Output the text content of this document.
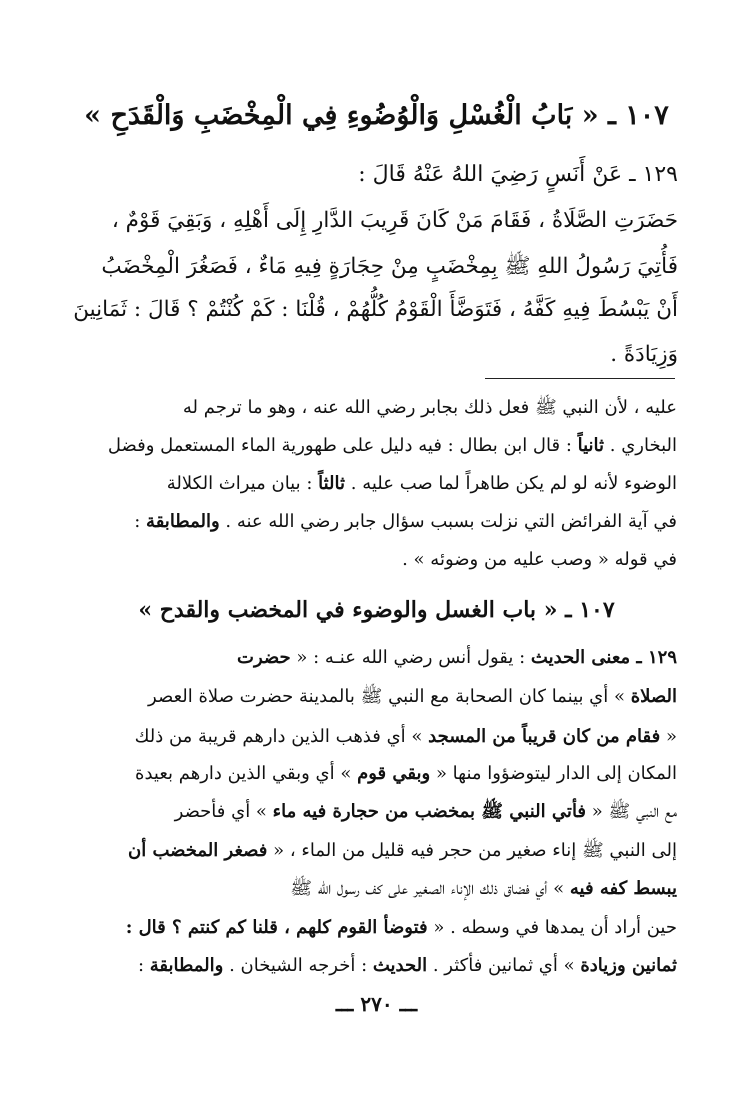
١٠٧ ـ « بَابُ الْغُسْلِ وَالْوُضُوءِ فِي الْمِخْضَبِ وَالْقَدَحِ »
١٢٩ ـ عَنْ أَنَسٍ رَضِيَ اللهُ عَنْهُ قَالَ :
حَضَرَتِ الصَّلَاةُ ، فَقَامَ مَنْ كَانَ قَرِيبَ الدَّارِ إِلَى أَهْلِهِ ، وَبَقِيَ قَوْمٌ ،
فَأُتِيَ رَسُولُ اللهِ ﷺ بِمِخْضَبٍ مِنْ حِجَارَةٍ فِيهِ مَاءٌ ، فَصَغُرَ الْمِخْضَبُ
أَنْ يَبْسُطَ فِيهِ كَفَّهُ ، فَتَوَضَّأَ الْقَوْمُ كُلُّهُمْ ، قُلْنَا : كَمْ كُنْتُمْ ؟ قَالَ : ثَمَانِينَ
وَزِيَادَةً .
عليه ، لأن النبي ﷺ فعل ذلك بجابر رضي الله عنه ، وهو ما ترجم له
البخاري . ثانياً : قال ابن بطال : فيه دليل على طهورية الماء المستعمل وفضل
الوضوء لأنه لو لم يكن طاهراً لما صب عليه . ثالثاً : بيان ميراث الكلالة
في آية الفرائض التي نزلت بسبب سؤال جابر رضي الله عنه . والمطابقة :
في قوله « وصب عليه من وضوئه » .
١٠٧ ـ « باب الغسل والوضوء في المخضب والقدح »
١٢٩ ـ معنى الحديث : يقول أنس رضي الله عنـه : « حضرت
الصلاة » أي بينما كان الصحابة مع النبي ﷺ بالمدينة حضرت صلاة العصر
« فقام من كان قريباً من المسجد » أي فذهب الذين دارهم قريبة من ذلك
المكان إلى الدار ليتوضؤوا منها « وبقي قوم » أي وبقي الذين دارهم بعيدة
مع النبي ﷺ « فأتي النبي ﷺ بمخضب من حجارة فيه ماء » أي فأحضر
إلى النبي ﷺ إناء صغير من حجر فيه قليل من الماء ، « فصغر المخضب أن
يبسط كفه فيه » أي فضاق ذلك الإناء الصغير على كف رسول الله ﷺ
حين أراد أن يمدها في وسطه . « فتوضأ القوم كلهم ، قلنا كم كنتم ؟ قال :
ثمانين وزيادة » أي ثمانين فأكثر . الحديث : أخرجه الشيخان . والمطابقة :
ـــ ٢٧٠ ـــ
